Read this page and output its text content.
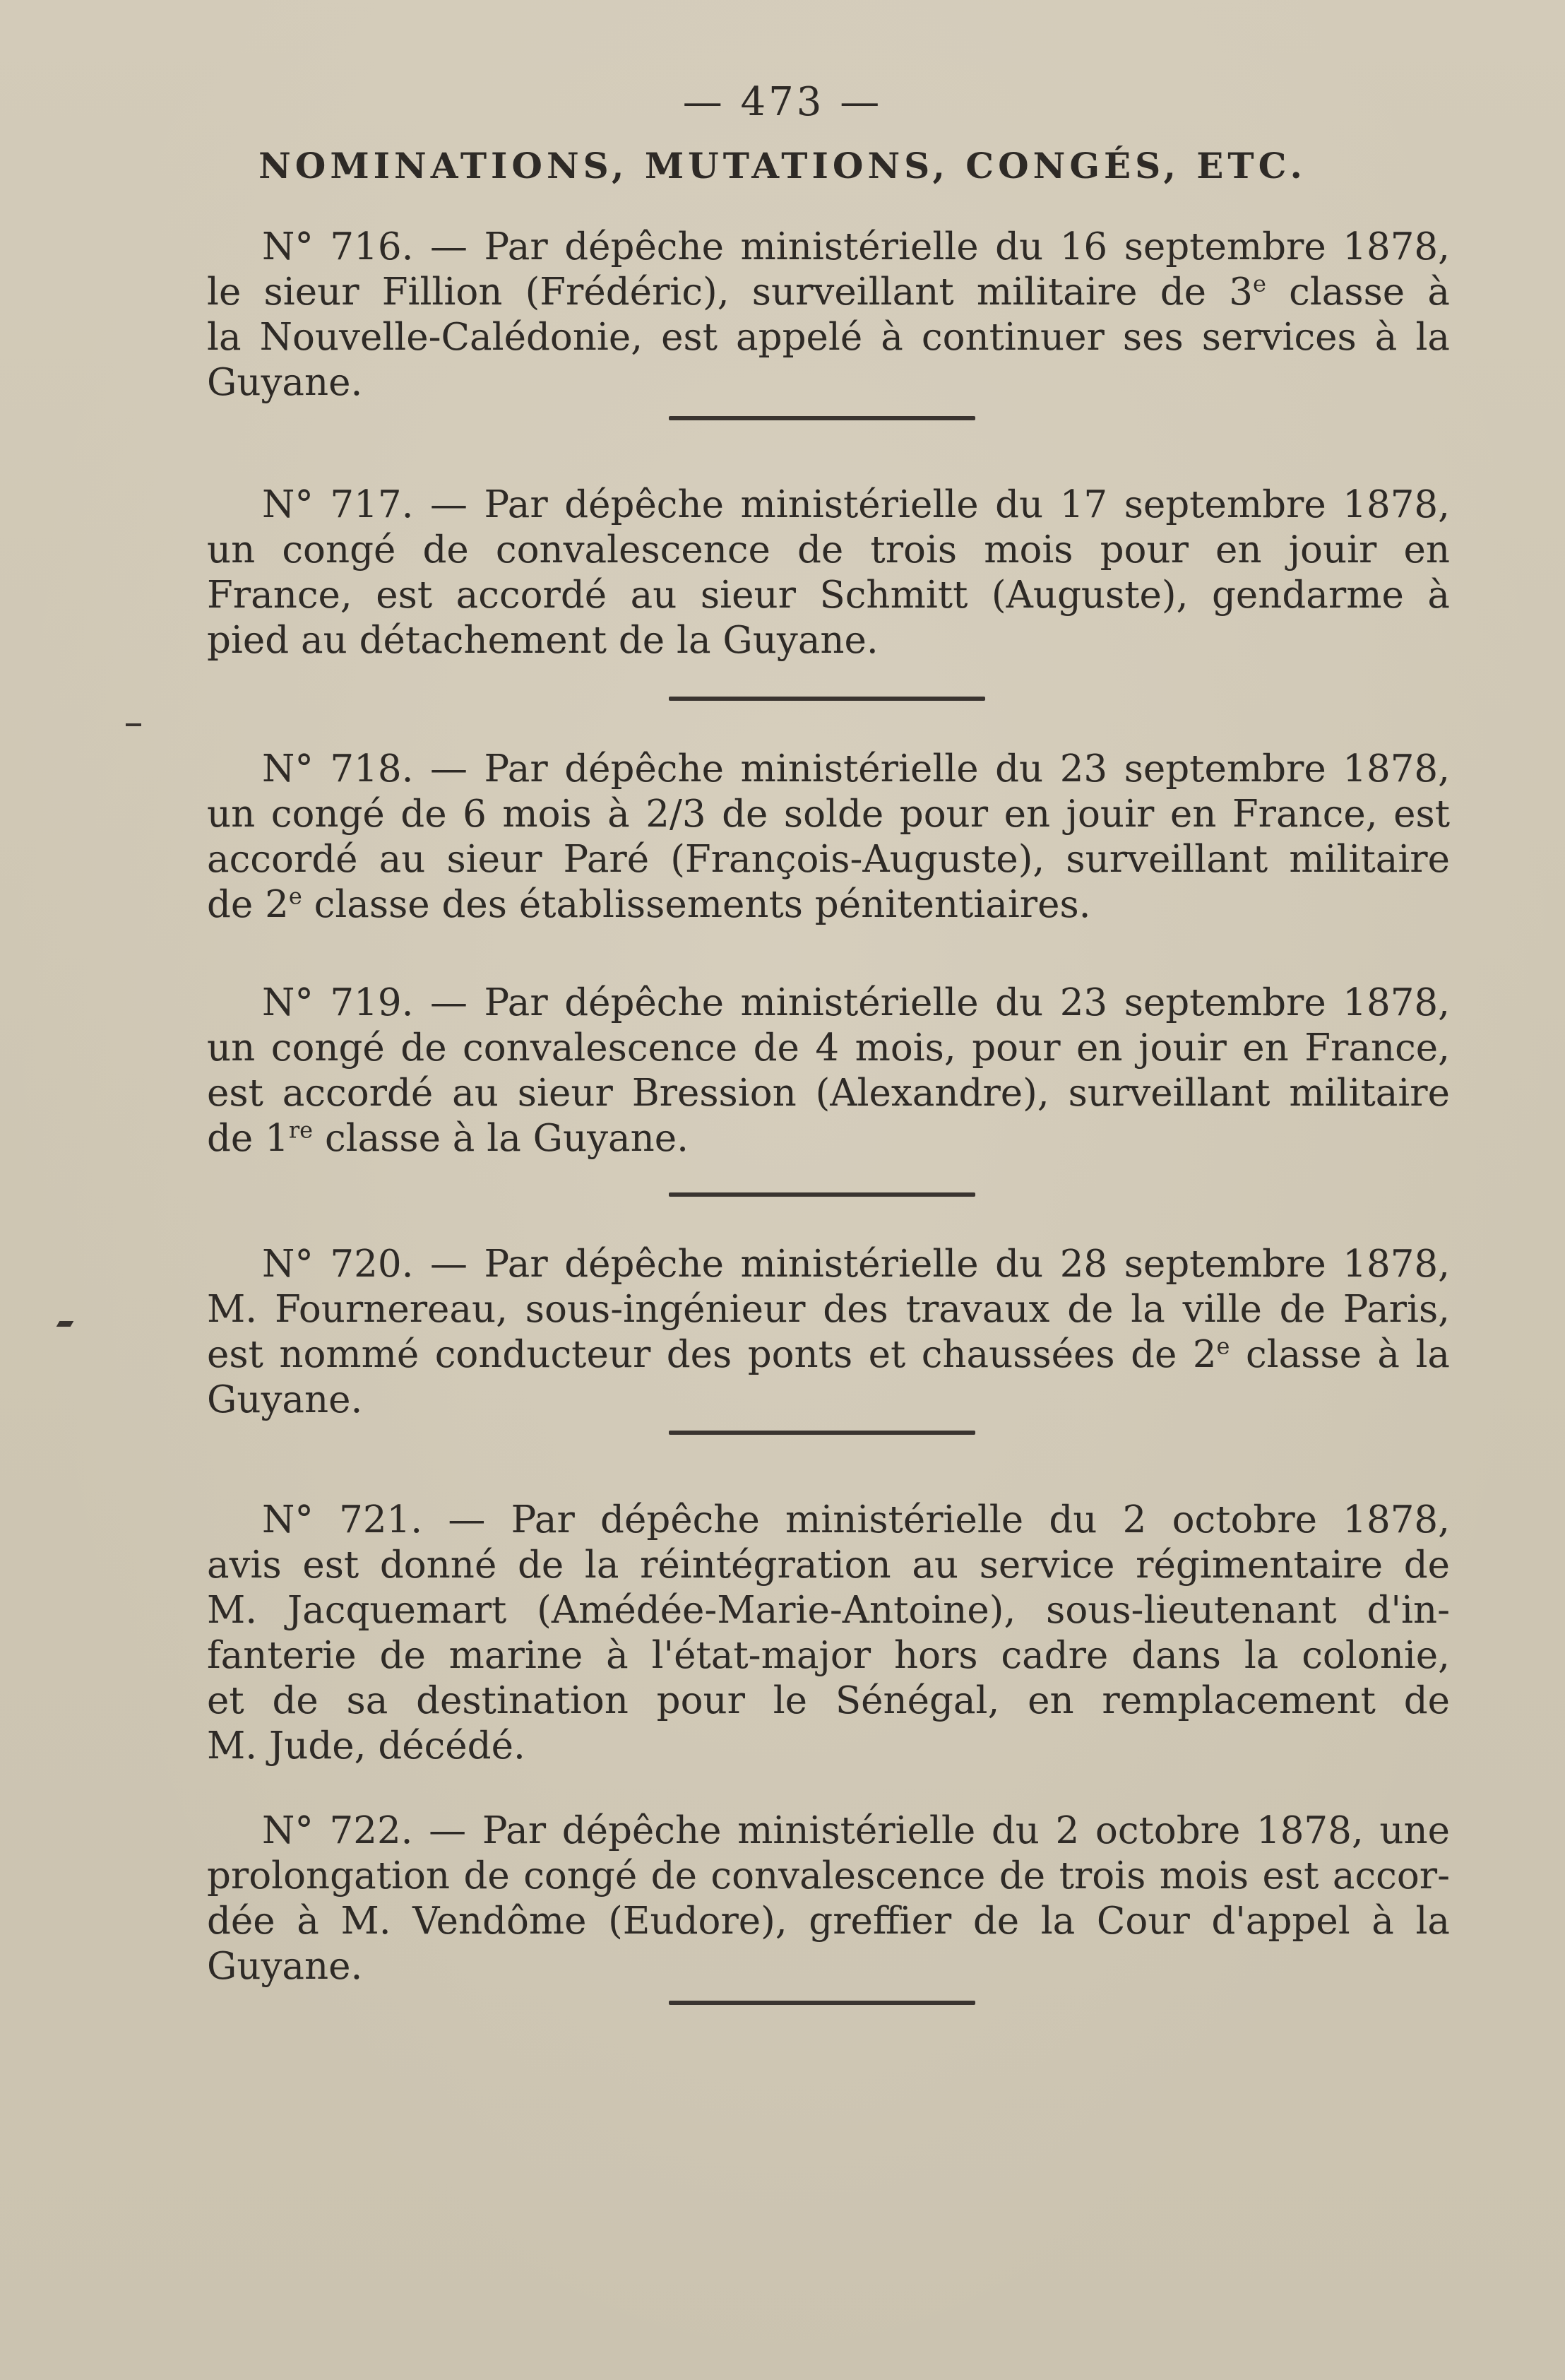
— 473 —
NOMINATIONS, MUTATIONS, CONGÉS, ETC.
N° 716. — Par dépêche ministérielle du 16 septembre 1878,
le sieur Fillion (Frédéric), surveillant militaire de 3e classe à
la Nouvelle-Calédonie, est appelé à continuer ses services à la
Guyane.
N° 717. — Par dépêche ministérielle du 17 septembre 1878,
un congé de convalescence de trois mois pour en jouir en
France, est accordé au sieur Schmitt (Auguste), gendarme à
pied au détachement de la Guyane.
N° 718. — Par dépêche ministérielle du 23 septembre 1878,
un congé de 6 mois à 2/3 de solde pour en jouir en France, est
accordé au sieur Paré (François-Auguste), surveillant militaire
de 2e classe des établissements pénitentiaires.
N° 719. — Par dépêche ministérielle du 23 septembre 1878,
un congé de convalescence de 4 mois, pour en jouir en France,
est accordé au sieur Bression (Alexandre), surveillant militaire
de 1re classe à la Guyane.
N° 720. — Par dépêche ministérielle du 28 septembre 1878,
M. Fournereau, sous-ingénieur des travaux de la ville de Paris,
est nommé conducteur des ponts et chaussées de 2e classe à la
Guyane.
N° 721. — Par dépêche ministérielle du 2 octobre 1878,
avis est donné de la réintégration au service régimentaire de
M. Jacquemart (Amédée-Marie-Antoine), sous-lieutenant d'in-
fanterie de marine à l'état-major hors cadre dans la colonie,
et de sa destination pour le Sénégal, en remplacement de
M. Jude, décédé.
N° 722. — Par dépêche ministérielle du 2 octobre 1878, une
prolongation de congé de convalescence de trois mois est accor-
dée à M. Vendôme (Eudore), greffier de la Cour d'appel à la
Guyane.
